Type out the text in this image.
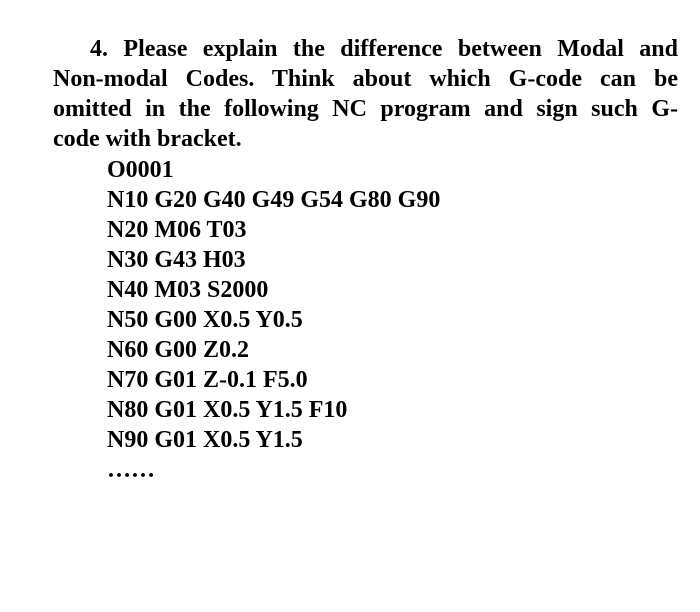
4. Please explain the difference between Modal and
Non-modal Codes. Think about which G-code can be
omitted in the following NC program and sign such G-
code with bracket.
O0001
N10 G20 G40 G49 G54 G80 G90
N20 M06 T03
N30 G43 H03
N40 M03 S2000
N50 G00 X0.5 Y0.5
N60 G00 Z0.2
N70 G01 Z-0.1 F5.0
N80 G01 X0.5 Y1.5 F10
N90 G01 X0.5 Y1.5
……
